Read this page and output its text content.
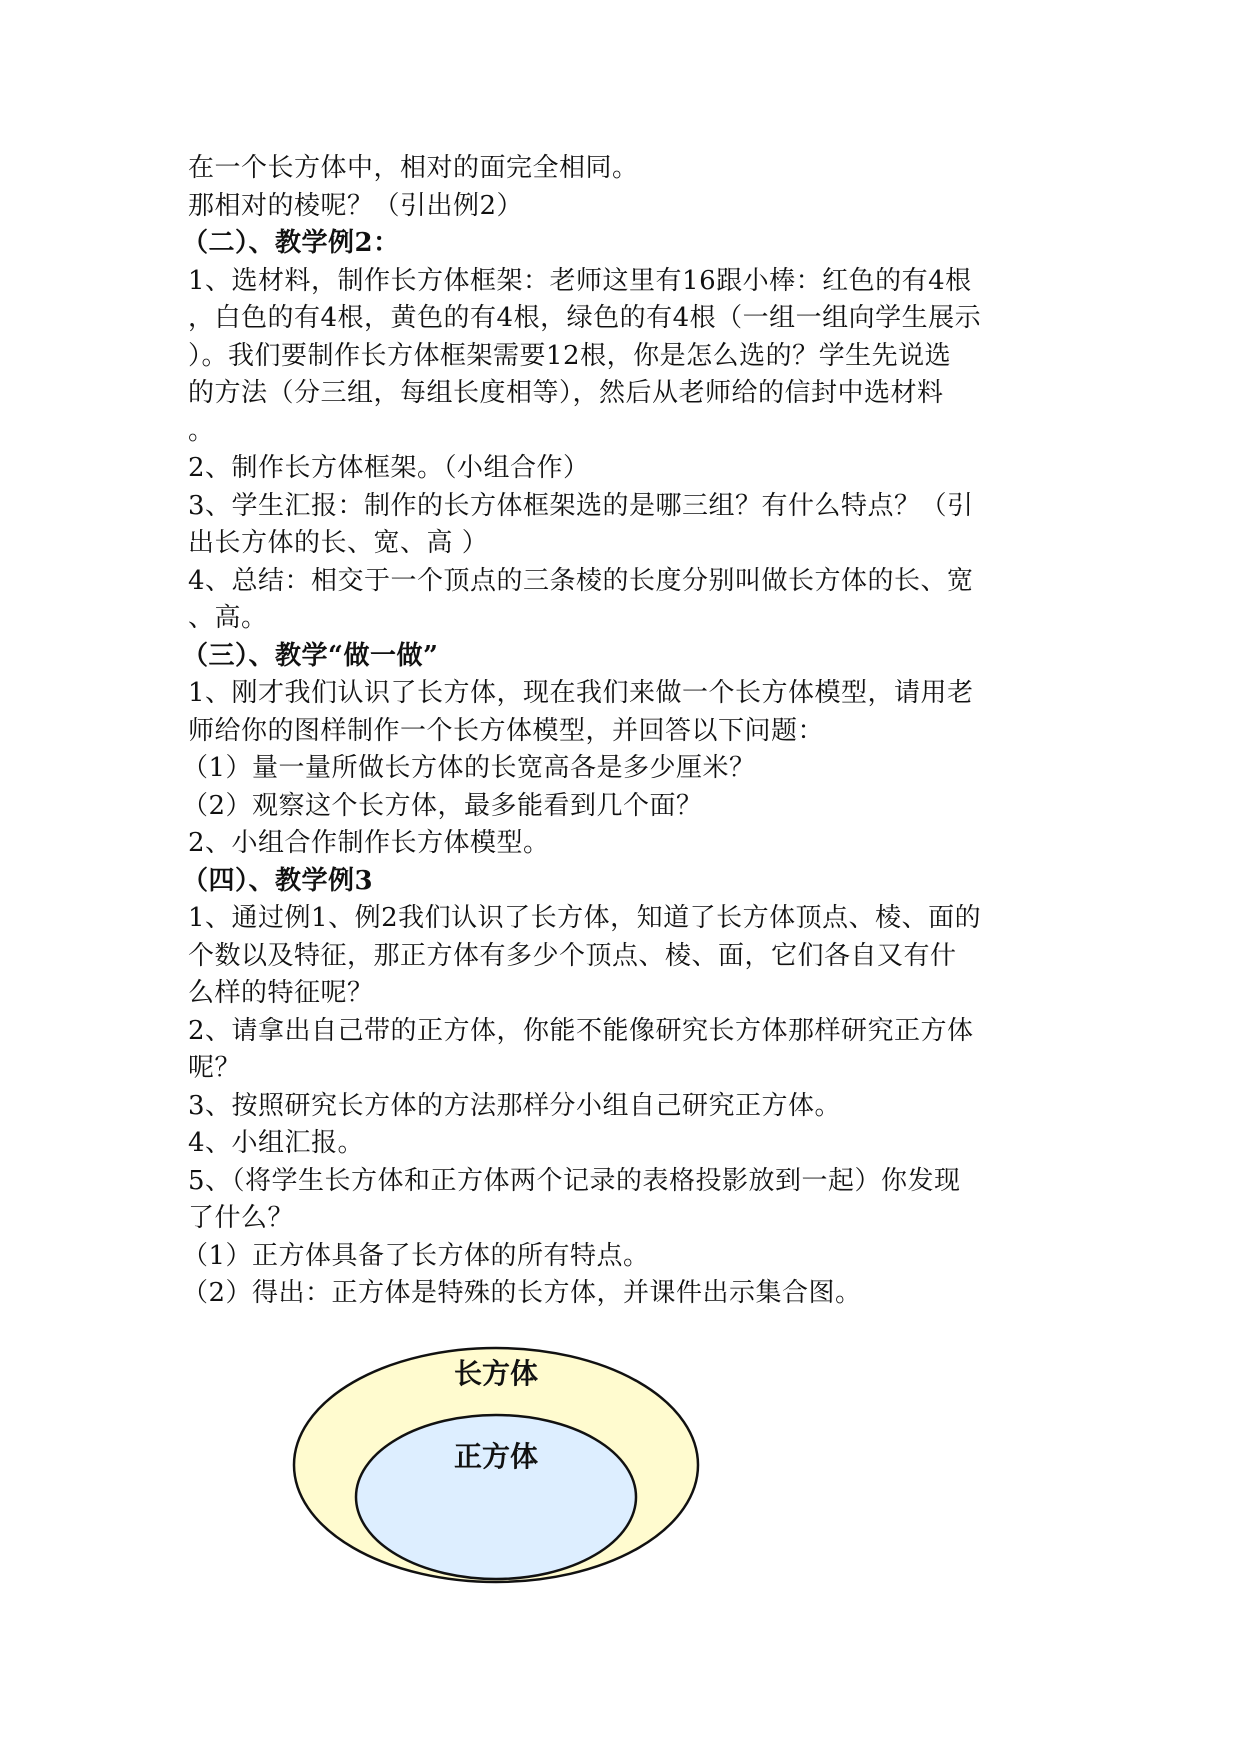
在一个长方体中，相对的面完全相同。
那相对的棱呢？（引出例2）
（二）、教学例2：
1、选材料，制作长方体框架：老师这里有16跟小棒：红色的有4根
，白色的有4根，黄色的有4根，绿色的有4根（一组一组向学生展示
）。我们要制作长方体框架需要12根，你是怎么选的？学生先说选
的方法（分三组，每组长度相等），然后从老师给的信封中选材料
。
2、制作长方体框架。（小组合作）
3、学生汇报：制作的长方体框架选的是哪三组？有什么特点？（引
出长方体的长、宽、高 ）
4、总结：相交于一个顶点的三条棱的长度分别叫做长方体的长、宽
、高。
（三）、教学“做一做”
1、刚才我们认识了长方体，现在我们来做一个长方体模型，请用老
师给你的图样制作一个长方体模型，并回答以下问题：
（1）量一量所做长方体的长宽高各是多少厘米？
（2）观察这个长方体，最多能看到几个面？
2、小组合作制作长方体模型。
（四）、教学例3
1、通过例1、例2我们认识了长方体，知道了长方体顶点、棱、面的
个数以及特征，那正方体有多少个顶点、棱、面，它们各自又有什
么样的特征呢？
2、请拿出自己带的正方体，你能不能像研究长方体那样研究正方体
呢？
3、按照研究长方体的方法那样分小组自己研究正方体。
4、小组汇报。
5、（将学生长方体和正方体两个记录的表格投影放到一起）你发现
了什么？
（1）正方体具备了长方体的所有特点。
（2）得出：正方体是特殊的长方体，并课件出示集合图。
长方体
正方体
